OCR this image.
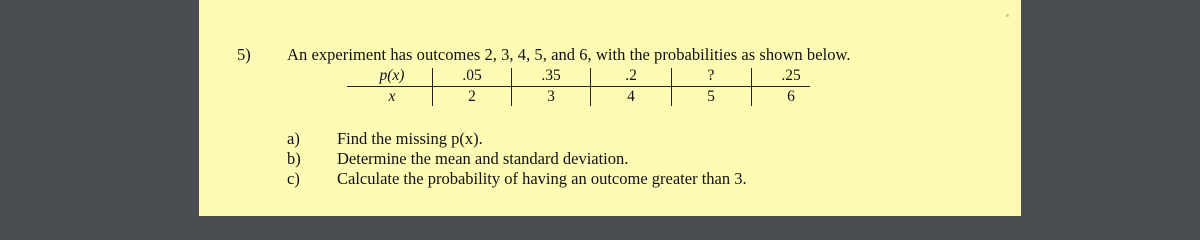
5) An experiment has outcomes 2, 3, 4, 5, and 6, with the probabilities as shown below.
p(x)	.05	.35	.2	?	.25
x	2	3	4	5	6
a) Find the missing p(x).
b) Determine the mean and standard deviation.
c) Calculate the probability of having an outcome greater than 3.
